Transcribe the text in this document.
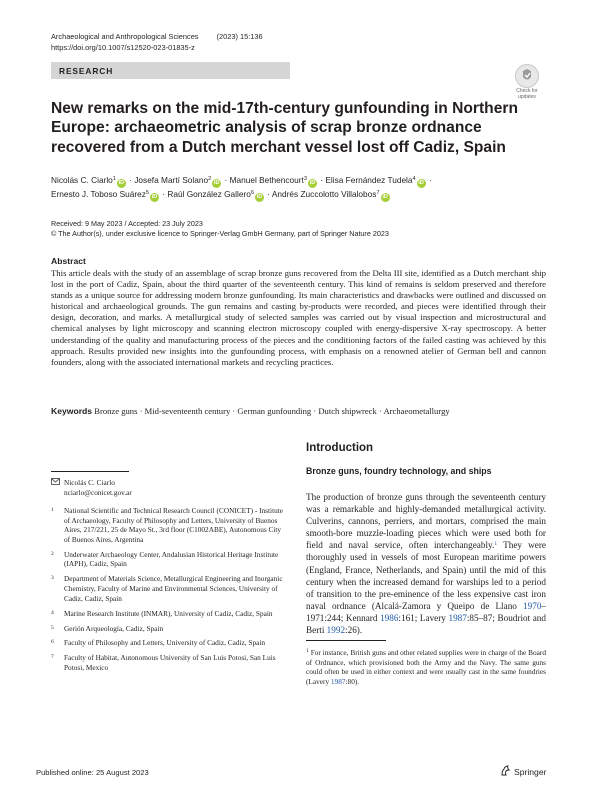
Archaeological and Anthropological Sciences (2023) 15:136
https://doi.org/10.1007/s12520-023-01835-z
RESEARCH
Check for
updates
New remarks on the mid-17th-century gunfounding in Northern Europe: archaeometric analysis of scrap bronze ordnance recovered from a Dutch merchant vessel lost off Cadiz, Spain
Nicolás C. Ciarlo$^1$iD · Josefa Martí Solano$^2$iD · Manuel Bethencourt$^3$iD · Elisa Fernández Tudela$^4$iD ·
Ernesto J. Toboso Suárez$^5$iD · Raúl González Gallero$^6$iD · Andrés Zuccolotto Villalobos$^7$iD
Received: 9 May 2023 / Accepted: 23 July 2023
© The Author(s), under exclusive licence to Springer-Verlag GmbH Germany, part of Springer Nature 2023
Abstract
This article deals with the study of an assemblage of scrap bronze guns recovered from the Delta III site, identified as a Dutch merchant ship lost in the port of Cadiz, Spain, about the third quarter of the seventeenth century. This kind of remains is seldom preserved and therefore stands as a unique source for addressing modern bronze gunfounding. Its main characteristics and drawbacks were outlined and discussed on historical and archaeological grounds. The gun remains and casting by-products were recorded, and pieces were identified through their design, decoration, and marks. A metallurgical study of selected samples was carried out by visual inspection and microstructural and chemical analyses by light microscopy and scanning electron microscopy coupled with energy-dispersive X-ray spectroscopy. A better understanding of the quality and manufacturing process of the pieces and the conditioning factors of the failed casting was achieved by this approach. Results provided new insights into the gunfounding process, with emphasis on a renowned atelier of German bell and cannon founders, along with the associated international markets and recycling practices.
Keywords Bronze guns · Mid-seventeenth century · German gunfounding · Dutch shipwreck · Archaeometallurgy
Introduction
Bronze guns, foundry technology, and ships
The production of bronze guns through the seventeenth century was a remarkable and highly-demanded metallurgical activity. Culverins, cannons, perriers, and mortars, comprised the main smooth-bore muzzle-loading pieces which were used both for field and naval service, often interchangeably.$^1$ They were thoroughly used in vessels of most European maritime powers (England, France, Netherlands, and Spain) until the mid of this century when the increased demand for warships led to a period of transition to the pre-eminence of the less expensive cast iron naval ordnance (Alcalá-Zamora y Queipo de Llano 1970–1971:244; Kennard 1986:161; Lavery 1987:85–87; Boudriot and Berti 1992:26).
$^1$ For instance, British guns and other related supplies were in charge of the Board of Ordnance, which provisioned both the Army and the Navy. The same guns could often be used in either context and were usually cast in the same foundries (Lavery 1987:80).
Nicolás C. Ciarlo
nciarlo@conicet.gov.ar
1	National Scientific and Technical Research Council (CONICET) - Institute of Archaeology, Faculty of Philosophy and Letters, University of Buenos Aires, 217/221, 25 de Mayo St., 3rd floor (C1002ABE), Autonomous City of Buenos Aires, Argentina
2	Underwater Archaeology Center, Andalusian Historical Heritage Institute (IAPH), Cadiz, Spain
3	Department of Materials Science, Metallurgical Engineering and Inorganic Chemistry, Faculty of Marine and Environmental Sciences, University of Cadiz, Cadiz, Spain
4	Marine Research Institute (INMAR), University of Cadiz, Cadiz, Spain
5	Gerión Arqueología, Cadiz, Spain
6	Faculty of Philosophy and Letters, University of Cadiz, Cadiz, Spain
7	Faculty of Habitat, Autonomous University of San Luis Potosi, San Luis Potosi, Mexico
Published online: 25 August 2023	Springer
